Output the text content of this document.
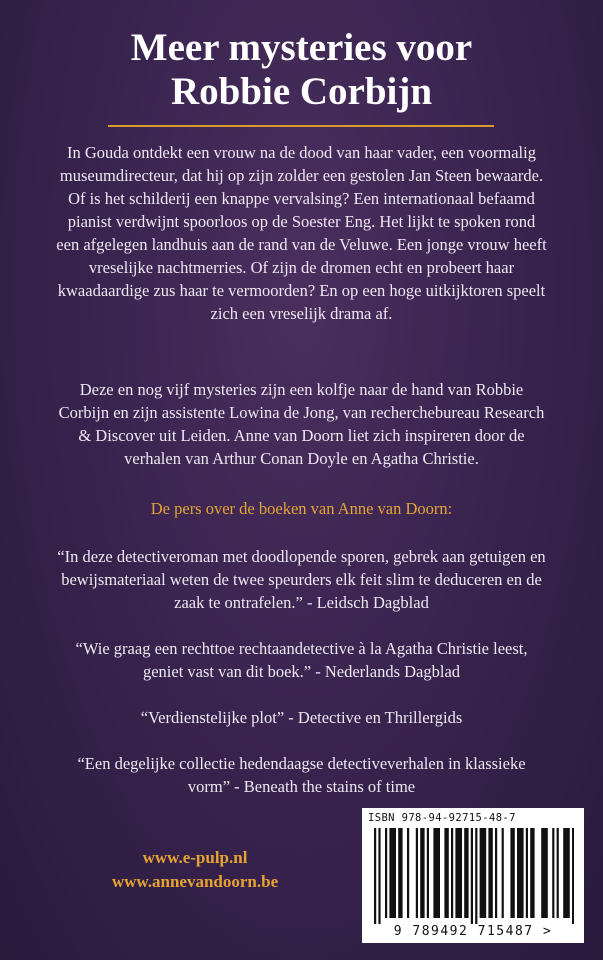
Meer mysteries voor
Robbie Corbijn
In Gouda ontdekt een vrouw na de dood van haar vader, een voormalig museumdirecteur, dat hij op zijn zolder een gestolen Jan Steen bewaarde. Of is het schilderij een knappe vervalsing? Een internationaal befaamd pianist verdwijnt spoorloos op de Soester Eng. Het lijkt te spoken rond een afgelegen landhuis aan de rand van de Veluwe. Een jonge vrouw heeft vreselijke nachtmerries. Of zijn de dromen echt en probeert haar kwaadaardige zus haar te vermoorden? En op een hoge uitkijktoren speelt zich een vreselijk drama af.
Deze en nog vijf mysteries zijn een kolfje naar de hand van Robbie Corbijn en zijn assistente Lowina de Jong, van recherchebureau Research & Discover uit Leiden. Anne van Doorn liet zich inspireren door de verhalen van Arthur Conan Doyle en Agatha Christie.
De pers over de boeken van Anne van Doorn:
“In deze detectiveroman met doodlopende sporen, gebrek aan getuigen en bewijsmateriaal weten de twee speurders elk feit slim te deduceren en de zaak te ontrafelen.” - Leidsch Dagblad
“Wie graag een rechttoe rechtaandetective à la Agatha Christie leest, geniet vast van dit boek.” - Nederlands Dagblad
“Verdienstelijke plot” - Detective en Thrillergids
“Een degelijke collectie hedendaagse detectiveverhalen in klassieke vorm” - Beneath the stains of time
www.e-pulp.nl
www.annevandoorn.be
ISBN 978-94-92715-48-7
9 789492 715487 >
